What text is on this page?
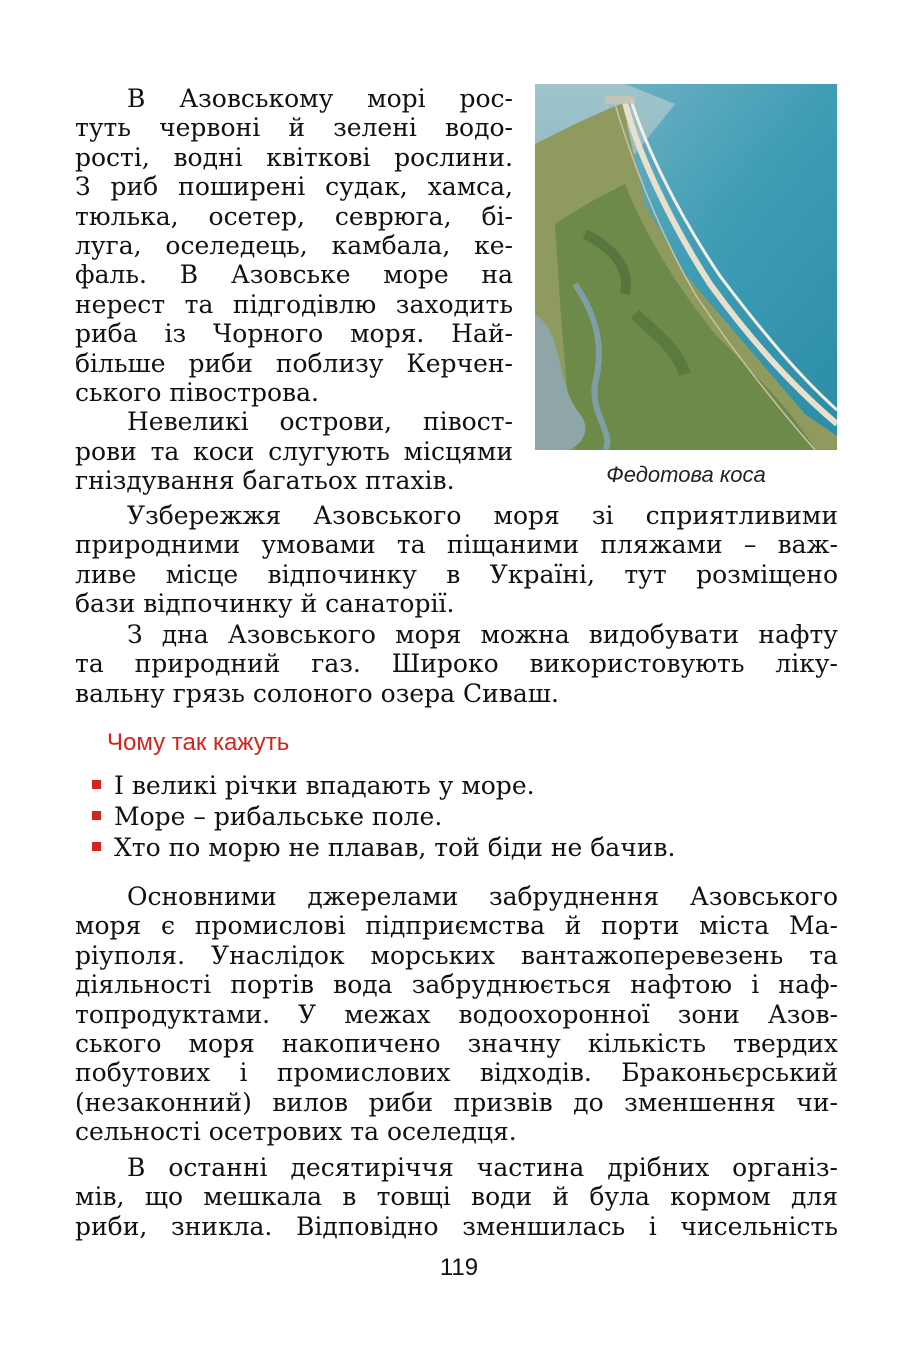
В Азовському морі рос-
туть червоні й зелені водо-
рості, водні квіткові рослини.
З риб поширені судак, хамса,
тюлька, осетер, севрюга, бі-
луга, оселедець, камбала, ке-
фаль. В Азовське море на
нерест та підгодівлю заходить
риба із Чорного моря. Най-
більше риби поблизу Керчен-
ського півострова.
Невеликі острови, півост-
рови та коси слугують місцями
гніздування багатьох птахів.	Федотова коса
Узбережжя Азовського моря зі сприятливими
природними умовами та піщаними пляжами – важ-
ливе місце відпочинку в Україні, тут розміщено
бази відпочинку й санаторії.
З дна Азовського моря можна видобувати нафту
та природний газ. Широко використовують ліку-
вальну грязь солоного озера Сиваш.
Чому так кажуть
І великі річки впадають у море.
Море – рибальське поле.
Хто по морю не плавав, той біди не бачив.
Основними джерелами забруднення Азовського
моря є промислові підприємства й порти міста Ма-
ріуполя. Унаслідок морських вантажоперевезень та
діяльності портів вода забруднюється нафтою і наф-
топродуктами. У межах водоохоронної зони Азов-
ського моря накопичено значну кількість твердих
побутових і промислових відходів. Браконьєрський
(незаконний) вилов риби призвів до зменшення чи-
сельності осетрових та оселедця.
В останні десятиріччя частина дрібних організ-
мів, що мешкала в товщі води й була кормом для
риби, зникла. Відповідно зменшилась і чисельність
119
